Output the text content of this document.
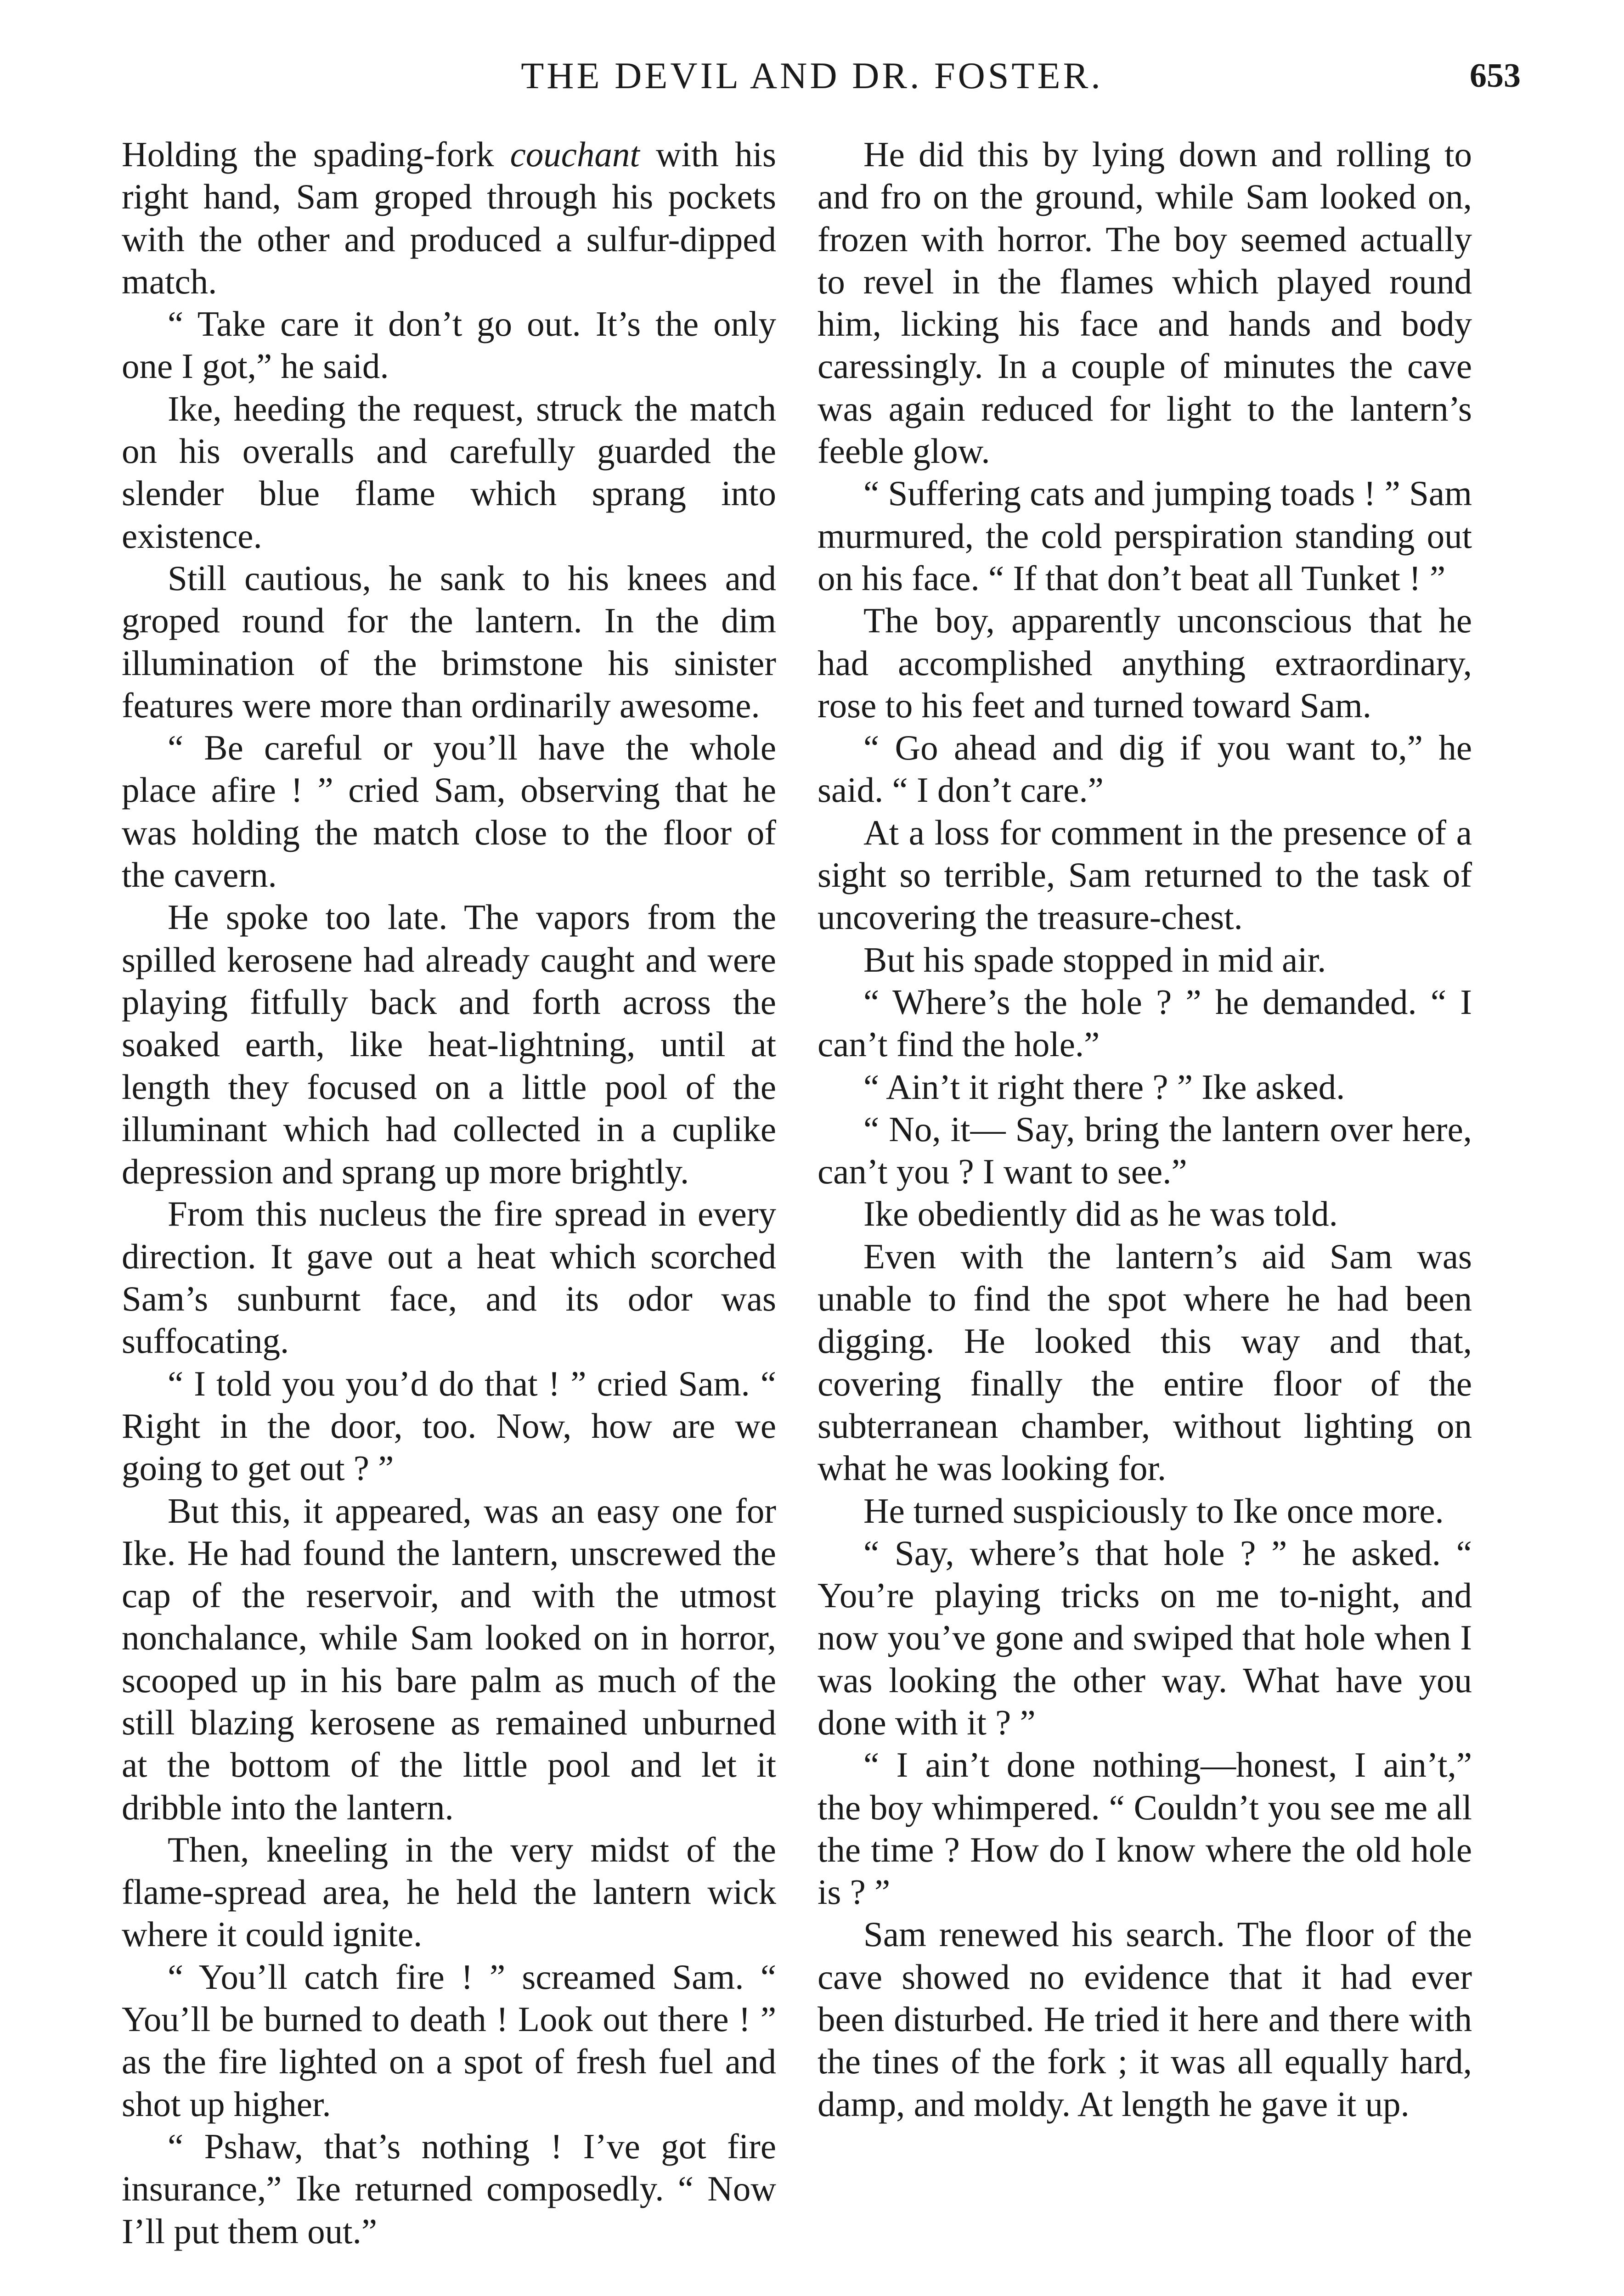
THE DEVIL AND DR. FOSTER.	653

Holding the spading-fork couchant with his right hand, Sam groped through his pockets with the other and produced a sulfur-dipped match.

“ Take care it don’t go out. It’s the only one I got,” he said.

Ike, heeding the request, struck the match on his overalls and carefully guarded the slender blue flame which sprang into existence.

Still cautious, he sank to his knees and groped round for the lantern. In the dim illumination of the brimstone his sinister features were more than ordinarily awesome.

“ Be careful or you’ll have the whole place afire ! ” cried Sam, observing that he was holding the match close to the floor of the cavern.

He spoke too late. The vapors from the spilled kerosene had already caught and were playing fitfully back and forth across the soaked earth, like heat-lightning, until at length they focused on a little pool of the illuminant which had collected in a cuplike depression and sprang up more brightly.

From this nucleus the fire spread in every direction. It gave out a heat which scorched Sam’s sunburnt face, and its odor was suffocating.

“ I told you you’d do that ! ” cried Sam. “ Right in the door, too. Now, how are we going to get out ? ”

But this, it appeared, was an easy one for Ike. He had found the lantern, unscrewed the cap of the reservoir, and with the utmost nonchalance, while Sam looked on in horror, scooped up in his bare palm as much of the still blazing kerosene as remained unburned at the bottom of the little pool and let it dribble into the lantern.

Then, kneeling in the very midst of the flame-spread area, he held the lantern wick where it could ignite.

“ You’ll catch fire ! ” screamed Sam. “ You’ll be burned to death ! Look out there ! ” as the fire lighted on a spot of fresh fuel and shot up higher.

“ Pshaw, that’s nothing ! I’ve got fire insurance,” Ike returned composedly. “ Now I’ll put them out.”

He did this by lying down and rolling to and fro on the ground, while Sam looked on, frozen with horror. The boy seemed actually to revel in the flames which played round him, licking his face and hands and body caressingly. In a couple of minutes the cave was again reduced for light to the lantern’s feeble glow.

“ Suffering cats and jumping toads ! ” Sam murmured, the cold perspiration standing out on his face. “ If that don’t beat all Tunket ! ”

The boy, apparently unconscious that he had accomplished anything extraordinary, rose to his feet and turned toward Sam.

“ Go ahead and dig if you want to,” he said. “ I don’t care.”

At a loss for comment in the presence of a sight so terrible, Sam returned to the task of uncovering the treasure-chest.

But his spade stopped in mid air.

“ Where’s the hole ? ” he demanded. “ I can’t find the hole.”

“ Ain’t it right there ? ” Ike asked.

“ No, it— Say, bring the lantern over here, can’t you ? I want to see.”

Ike obediently did as he was told.

Even with the lantern’s aid Sam was unable to find the spot where he had been digging. He looked this way and that, covering finally the entire floor of the subterranean chamber, without lighting on what he was looking for.

He turned suspiciously to Ike once more.

“ Say, where’s that hole ? ” he asked. “ You’re playing tricks on me to-night, and now you’ve gone and swiped that hole when I was looking the other way. What have you done with it ? ”

“ I ain’t done nothing—honest, I ain’t,” the boy whimpered. “ Couldn’t you see me all the time ? How do I know where the old hole is ? ”

Sam renewed his search. The floor of the cave showed no evidence that it had ever been disturbed. He tried it here and there with the tines of the fork ; it was all equally hard, damp, and moldy. At length he gave it up.
